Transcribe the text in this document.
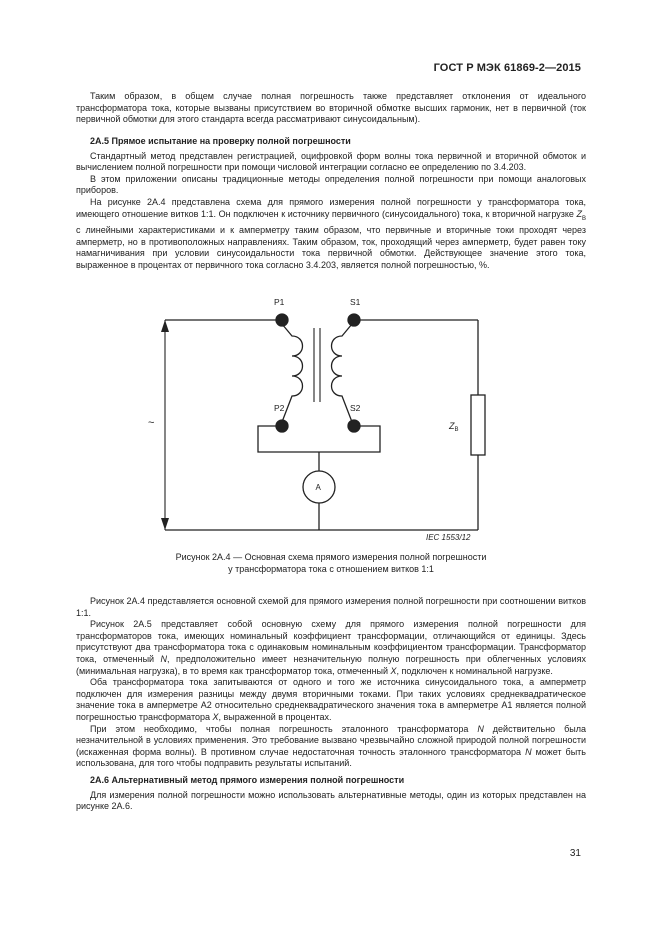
ГОСТ Р МЭК 61869-2—2015

Таким образом, в общем случае полная погрешность также представляет отклонения от идеального трансформатора тока, которые вызваны присутствием во вторичной обмотке высших гармоник, нет в первичной (ток первичной обмотки для этого стандарта всегда рассматривают синусоидальным).

2А.5 Прямое испытание на проверку полной погрешности

Стандартный метод представлен регистрацией, оцифровкой форм волны тока первичной и вторичной обмоток и вычислением полной погрешности при помощи числовой интеграции согласно ее определению по 3.4.203.

В этом приложении описаны традиционные методы определения полной погрешности при помощи аналоговых приборов.

На рисунке 2А.4 представлена схема для прямого измерения полной погрешности у трансформатора тока, имеющего отношение витков 1:1. Он подключен к источнику первичного (синусоидального) тока, к вторичной нагрузке $Z_B$ с линейными характеристиками и к амперметру таким образом, что первичные и вторичные токи проходят через амперметр, но в противоположных направлениях. Таким образом, ток, проходящий через амперметр, будет равен току намагничивания при условии синусоидальности тока первичной обмотки. Действующее значение этого тока, выраженное в процентах от первичного тока согласно 3.4.203, является полной погрешностью, %.

P1	S1
P2	S2
~	$Z_B$
A
IEC 1553/12
Рисунок 2А.4 — Основная схема прямого измерения полной погрешности
у трансформатора тока с отношением витков 1:1

Рисунок 2А.4 представляется основной схемой для прямого измерения полной погрешности при соотношении витков 1:1.

Рисунок 2А.5 представляет собой основную схему для прямого измерения полной погрешности для трансформаторов тока, имеющих номинальный коэффициент трансформации, отличающийся от единицы. Здесь присутствуют два трансформатора тока с одинаковым номинальным коэффициентом трансформации. Трансформатор тока, отмеченный N, предположительно имеет незначительную полную погрешность при облегченных условиях (минимальная нагрузка), в то время как трансформатор тока, отмеченный X, подключен к номинальной нагрузке.

Оба трансформатора тока запитываются от одного и того же источника синусоидального тока, а амперметр подключен для измерения разницы между двумя вторичными токами. При таких условиях среднеквадратическое значение тока в амперметре А2 относительно среднеквадратического значения тока в амперметре А1 является полной погрешностью трансформатора X, выраженной в процентах.

При этом необходимо, чтобы полная погрешность эталонного трансформатора N действительно была незначительной в условиях применения. Это требование вызвано чрезвычайно сложной природой полной погрешности (искаженная форма волны). В противном случае недостаточная точность эталонного трансформатора N может быть использована, для того чтобы подправить результаты испытаний.

2А.6 Альтернативный метод прямого измерения полной погрешности

Для измерения полной погрешности можно использовать альтернативные методы, один из которых представлен на рисунке 2А.6.

31
